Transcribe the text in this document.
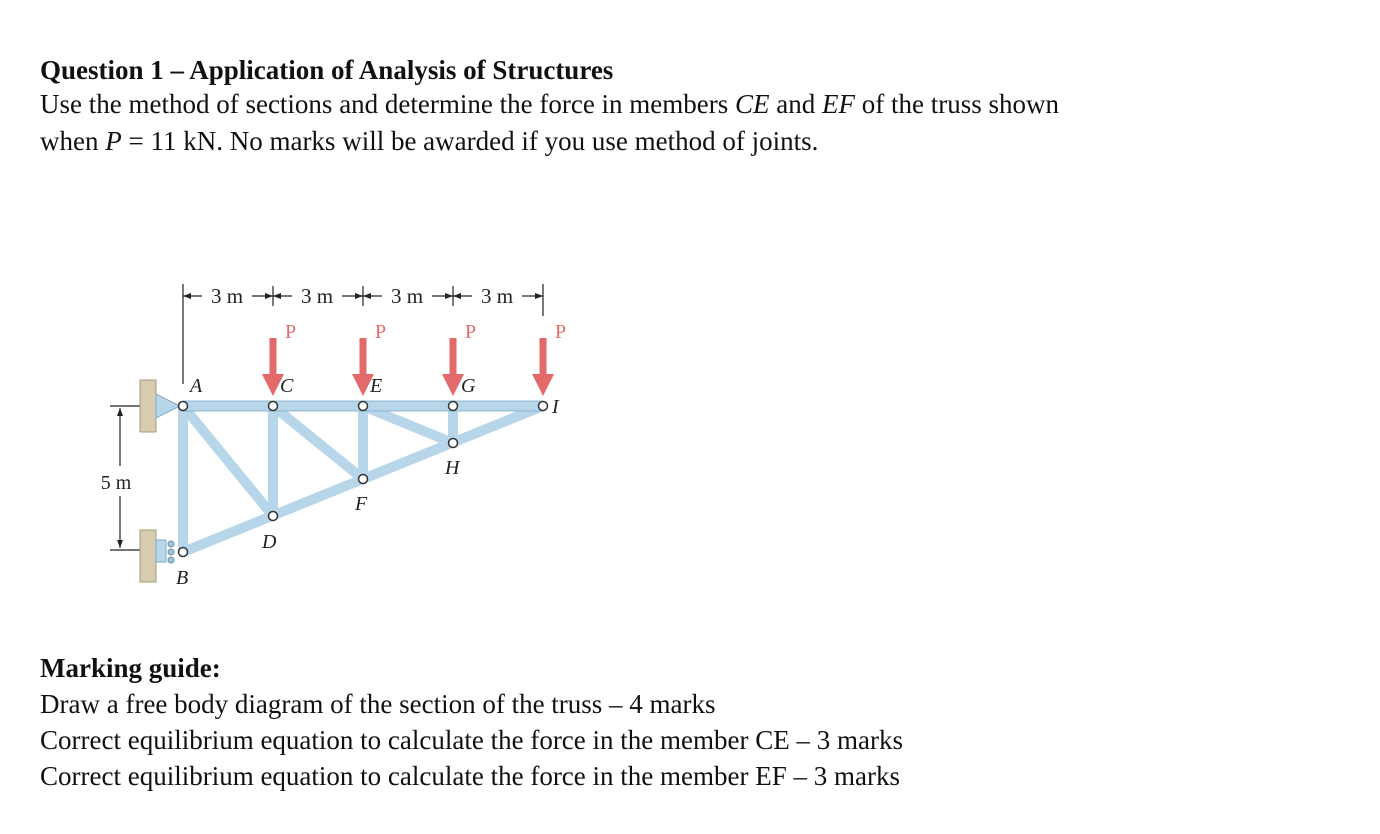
Question 1 – Application of Analysis of Structures

Use the method of sections and determine the force in members CE and EF of the truss shown when P = 11 kN. No marks will be awarded if you use method of joints.

3 m	3 m	3 m	3 m
5 m
A
B
C
D
E
F
G
H
I
P	P	P	P

Marking guide:

Draw a free body diagram of the section of the truss – 4 marks

Correct equilibrium equation to calculate the force in the member CE – 3 marks

Correct equilibrium equation to calculate the force in the member EF – 3 marks
